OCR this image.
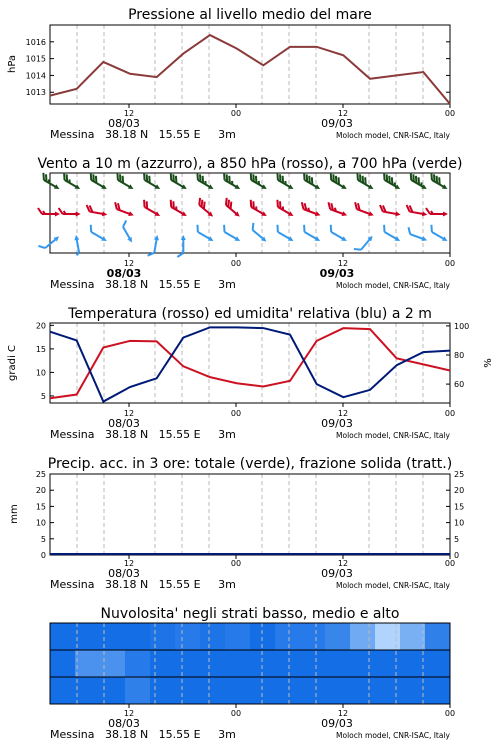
Pressione al livello medio del mare
1013
1014
1015
1016
hPa
12	00	12	00
08/03	09/03
Messina   38.18 N   15.55 E     3m	Moloch model, CNR-ISAC, Italy
Vento a 10 m (azzurro), a 850 hPa (rosso), a 700 hPa (verde)
12	00	12	00
08/03	09/03
Messina   38.18 N   15.55 E     3m	Moloch model, CNR-ISAC, Italy
Temperatura (rosso) ed umidita' relativa (blu) a 2 m
5
10
15
20
60
80
100
gradi C	%
12	00	12	00
08/03	09/03
Messina   38.18 N   15.55 E     3m	Moloch model, CNR-ISAC, Italy
Precip. acc. in 3 ore: totale (verde), frazione solida (tratt.)
0	0
5	5
10	10
15	15
20	20
25	25
mm
12	00	12	00
08/03	09/03
Messina   38.18 N   15.55 E     3m	Moloch model, CNR-ISAC, Italy
Nuvolosita' negli strati basso, medio e alto
12	00	12	00
08/03	09/03
Messina   38.18 N   15.55 E     3m	Moloch model, CNR-ISAC, Italy
